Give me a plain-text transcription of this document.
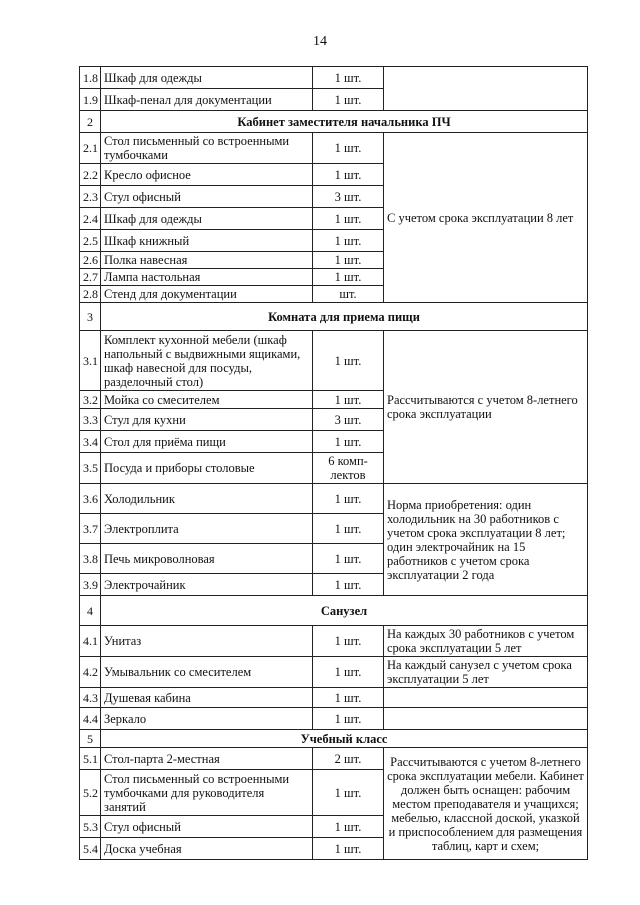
14
1.8	Шкаф для одежды	1 шт.	
1.9	Шкаф-пенал для документации	1 шт.	
2	Кабинет заместителя начальника ПЧ		
2.1	Стол письменный со встроенными тумбочками	1 шт.	С учетом срока эксплуатации 8 лет
2.2	Кресло офисное	1 шт.	
2.3	Стул офисный	3 шт.	
2.4	Шкаф для одежды	1 шт.	
2.5	Шкаф книжный	1 шт.	
2.6	Полка навесная	1 шт.	
2.7	Лампа настольная	1 шт.	
2.8	Стенд для документации	шт.	
3	Комната для приема пищи		
3.1	Комплект кухонной мебели (шкаф напольный с выдвижными ящиками, шкаф навесной для посуды, разделочный стол)	1 шт.	Рассчитываются с учетом 8-летнего срока эксплуатации
3.2	Мойка со смесителем	1 шт.	
3.3	Стул для кухни	3 шт.	
3.4	Стол для приёма пищи	1 шт.	
3.5	Посуда и приборы столовые	6 комп-лектов	
3.6	Холодильник	1 шт.	Норма приобретения: один холодильник на 30 работников с учетом срока эксплуатации 8 лет; один электрочайник на 15 работников с учетом срока эксплуатации 2 года
3.7	Электроплита	1 шт.	
3.8	Печь микроволновая	1 шт.	
3.9	Электрочайник	1 шт.	
4	Санузел		
4.1	Унитаз	1 шт.	На каждых 30 работников с учетом срока эксплуатации 5 лет
4.2	Умывальник со смесителем	1 шт.	На каждый санузел с учетом срока эксплуатации 5 лет
4.3	Душевая кабина	1 шт.	
4.4	Зеркало	1 шт.	
5	Учебный класс		
5.1	Стол-парта 2-местная	2 шт.	Рассчитываются с учетом 8-летнего срока эксплуатации мебели. Кабинет должен быть оснащен: рабочим местом преподавателя и учащихся; мебелью, классной доской, указкой и приспособлением для размещения таблиц, карт и схем;
5.2	Стол письменный со встроенными тумбочками для руководителя занятий	1 шт.	
5.3	Стул офисный	1 шт.	
5.4	Доска учебная	1 шт.	
